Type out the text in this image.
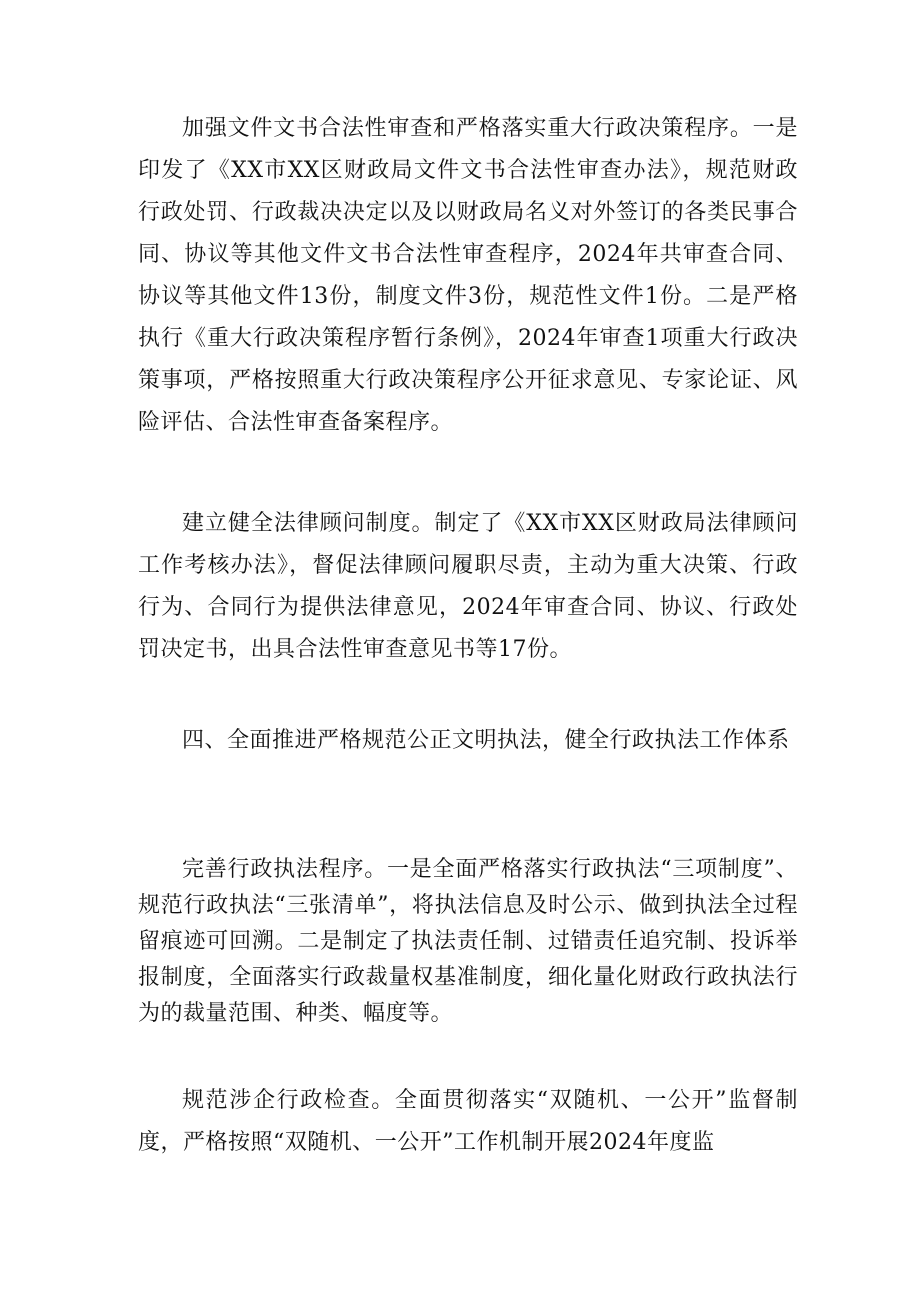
加强文件文书合法性审查和严格落实重大行政决策程序。一是印发了《XX市XX区财政局文件文书合法性审查办法》，规范财政行政处罚、行政裁决决定以及以财政局名义对外签订的各类民事合同、协议等其他文件文书合法性审查程序，2024年共审查合同、协议等其他文件13份，制度文件3份，规范性文件1份。二是严格执行《重大行政决策程序暂行条例》，2024年审查1项重大行政决策事项，严格按照重大行政决策程序公开征求意见、专家论证、风险评估、合法性审查备案程序。

建立健全法律顾问制度。制定了《XX市XX区财政局法律顾问工作考核办法》，督促法律顾问履职尽责，主动为重大决策、行政行为、合同行为提供法律意见，2024年审查合同、协议、行政处罚决定书，出具合法性审查意见书等17份。

四、全面推进严格规范公正文明执法，健全行政执法工作体系

完善行政执法程序。一是全面严格落实行政执法“三项制度”、规范行政执法“三张清单”，将执法信息及时公示、做到执法全过程留痕迹可回溯。二是制定了执法责任制、过错责任追究制、投诉举报制度，全面落实行政裁量权基准制度，细化量化财政行政执法行为的裁量范围、种类、幅度等。

规范涉企行政检查。全面贯彻落实“双随机、一公开”监督制度，严格按照“双随机、一公开”工作机制开展2024年度监
